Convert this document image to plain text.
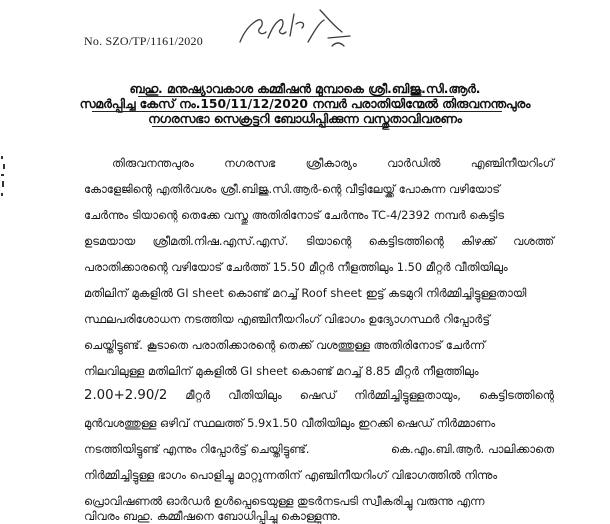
No. SZO/TP/1161/2020
ബഹു. മനുഷ്യാവകാശ കമ്മീഷൻ മുമ്പാകെ ശ്രീ.ബിജു.സി.ആർ.
സമർപ്പിച്ച കേസ് നം.150/11/12/2020 നമ്പർ പരാതിയിന്മേൽ തിരുവനന്തപുരം
നഗരസഭാ സെക്രട്ടറി ബോധിപ്പിക്കുന്ന വസ്തുതാവിവരണം
തിരുവനന്തപുരം	നഗരസഭ	ശ്രീകാര്യം	വാർഡിൽ	എഞ്ചിനീയറിംഗ്
കോളേജിന്റെ എതിർവശം ശ്രീ.ബിജു.സി.ആർ-ന്റെ വീട്ടിലേയ്ക്ക് പോകുന്ന വഴിയോട്
ചേർന്നും ടിയാന്റെ തെക്കേ വസ്തു അതിരിനോട് ചേർന്നും TC-4/2392 നമ്പർ കെട്ടിട
ഉടമയായ ശ്രീമതി.നിഷ.എസ്.എസ്. ടിയാന്റെ കെട്ടിടത്തിന്റെ കിഴക്ക് വശത്ത്
പരാതിക്കാരന്റെ വഴിയോട് ചേർത്ത് 15.50 മീറ്റർ നീളത്തിലും 1.50 മീറ്റർ വീതിയിലും
മതിലിന് മുകളിൽ GI sheet കൊണ്ട് മറച്ച് Roof sheet ഇട്ട് കടമുറി നിർമ്മിച്ചിട്ടുള്ളതായി
സ്ഥലപരിശോധന നടത്തിയ എഞ്ചിനീയറിംഗ് വിഭാഗം ഉദ്യോഗസ്ഥർ റിപ്പോർട്ട്
ചെയ്തിട്ടുണ്ട്. കൂടാതെ പരാതിക്കാരന്റെ തെക്ക് വശത്തുള്ള അതിരിനോട് ചേർന്ന്
നിലവിലുള്ള മതിലിന് മുകളിൽ GI sheet കൊണ്ട് മറച്ച് 8.85 മീറ്റർ നീളത്തിലും
2.00+2.90/2 മീറ്റർ വീതിയിലും ഷെഡ് നിർമ്മിച്ചിട്ടുള്ളതായും, കെട്ടിടത്തിന്റെ
മുൻവശത്തുള്ള ഒഴിവ് സ്ഥലത്ത് 5.9x1.50 വീതിയിലും ഇറക്കി ഷെഡ് നിർമ്മാണം
നടത്തിയിട്ടുണ്ട് എന്നും റിപ്പോർട്ട് ചെയ്തിട്ടുണ്ട്.	കെ.എം.ബി.ആർ. പാലിക്കാതെ
നിർമ്മിച്ചിട്ടുള്ള ഭാഗം പൊളിച്ചു മാറ്റുന്നതിന് എഞ്ചിനീയറിംഗ് വിഭാഗത്തിൽ നിന്നും
പ്രൊവിഷണൽ ഓർഡർ ഉൾപ്പെടെയുള്ള തുടർനടപടി സ്വീകരിച്ചു വരുന്നു എന്ന
വിവരം ബഹു. കമ്മീഷനെ ബോധിപ്പിച്ചു കൊള്ളുന്നു.
